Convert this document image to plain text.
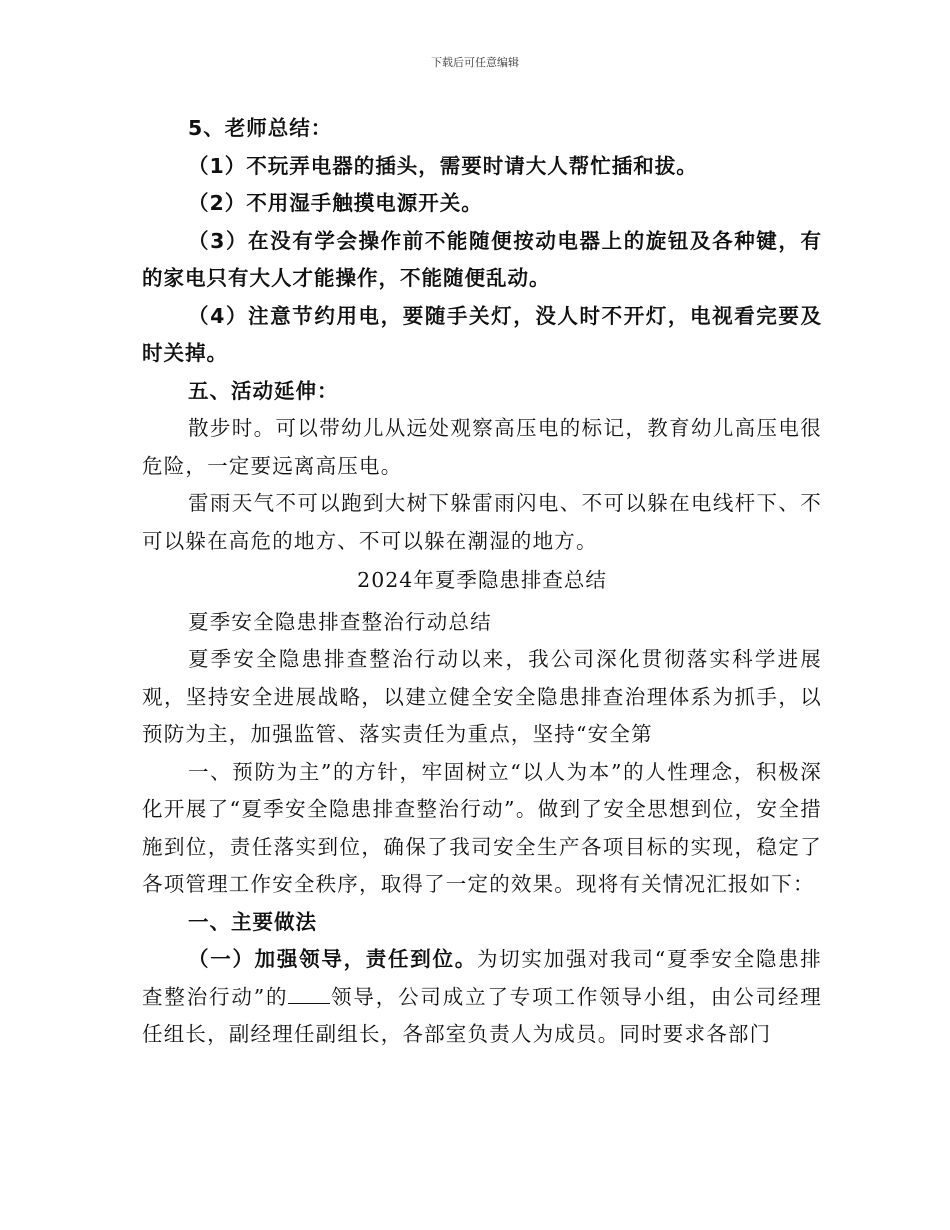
下载后可任意编辑

5、老师总结：

（1）不玩弄电器的插头，需要时请大人帮忙插和拔。

（2）不用湿手触摸电源开关。

（3）在没有学会操作前不能随便按动电器上的旋钮及各种键，有的家电只有大人才能操作，不能随便乱动。

（4）注意节约用电，要随手关灯，没人时不开灯，电视看完要及时关掉。

五、活动延伸：

散步时。可以带幼儿从远处观察高压电的标记，教育幼儿高压电很危险，一定要远离高压电。

雷雨天气不可以跑到大树下躲雷雨闪电、不可以躲在电线杆下、不可以躲在高危的地方、不可以躲在潮湿的地方。

2024年夏季隐患排查总结

夏季安全隐患排查整治行动总结

夏季安全隐患排查整治行动以来，我公司深化贯彻落实科学进展观，坚持安全进展战略，以建立健全安全隐患排查治理体系为抓手，以预防为主，加强监管、落实责任为重点，坚持“安全第

一、预防为主”的方针，牢固树立“以人为本”的人性理念，积极深化开展了“夏季安全隐患排查整治行动”。做到了安全思想到位，安全措施到位，责任落实到位，确保了我司安全生产各项目标的实现，稳定了各项管理工作安全秩序，取得了一定的效果。现将有关情况汇报如下：

一、主要做法

（一）加强领导，责任到位。为切实加强对我司“夏季安全隐患排查整治行动”的 领导，公司成立了专项工作领导小组，由公司经理任组长，副经理任副组长，各部室负责人为成员。同时要求各部门
